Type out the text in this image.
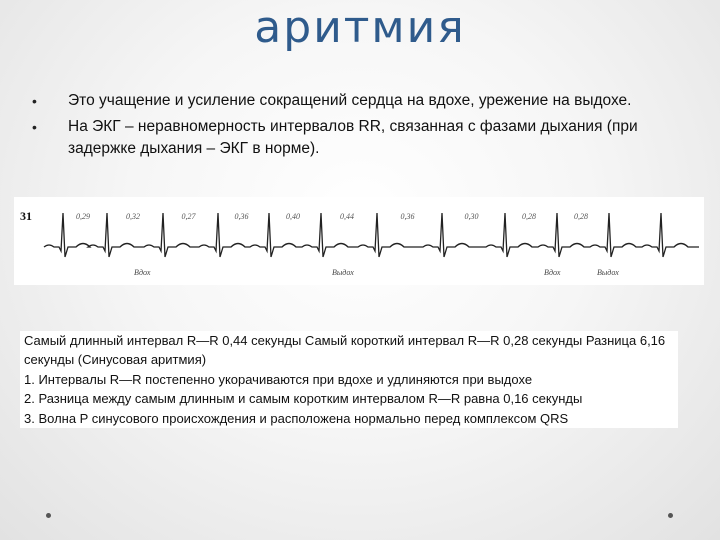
аритмия
• Это учащение и усиление сокращений сердца на вдохе, урежение на выдохе.
• На ЭКГ – неравномерность интервалов RR, связанная с фазами дыхания (при задержке дыхания – ЭКГ в норме).
31	0,29	0,32	0,27	0,36	0,40	0,44	0,36	0,30	0,28	0,28
Вдох	Выдох	Вдох	Выдох
Самый длинный интервал R—R 0,44 секунды Самый короткий интервал R—R 0,28 секунды Разница 6,16 секунды (Синусовая аритмия)
1. Интервалы R—R постепенно укорачиваются при вдохе и удлиняются при выдохе
2. Разница между самым длинным и самым коротким интервалом R—R равна 0,16 секунды
3. Волна P синусового происхождения и расположена нормально перед комплексом QRS
